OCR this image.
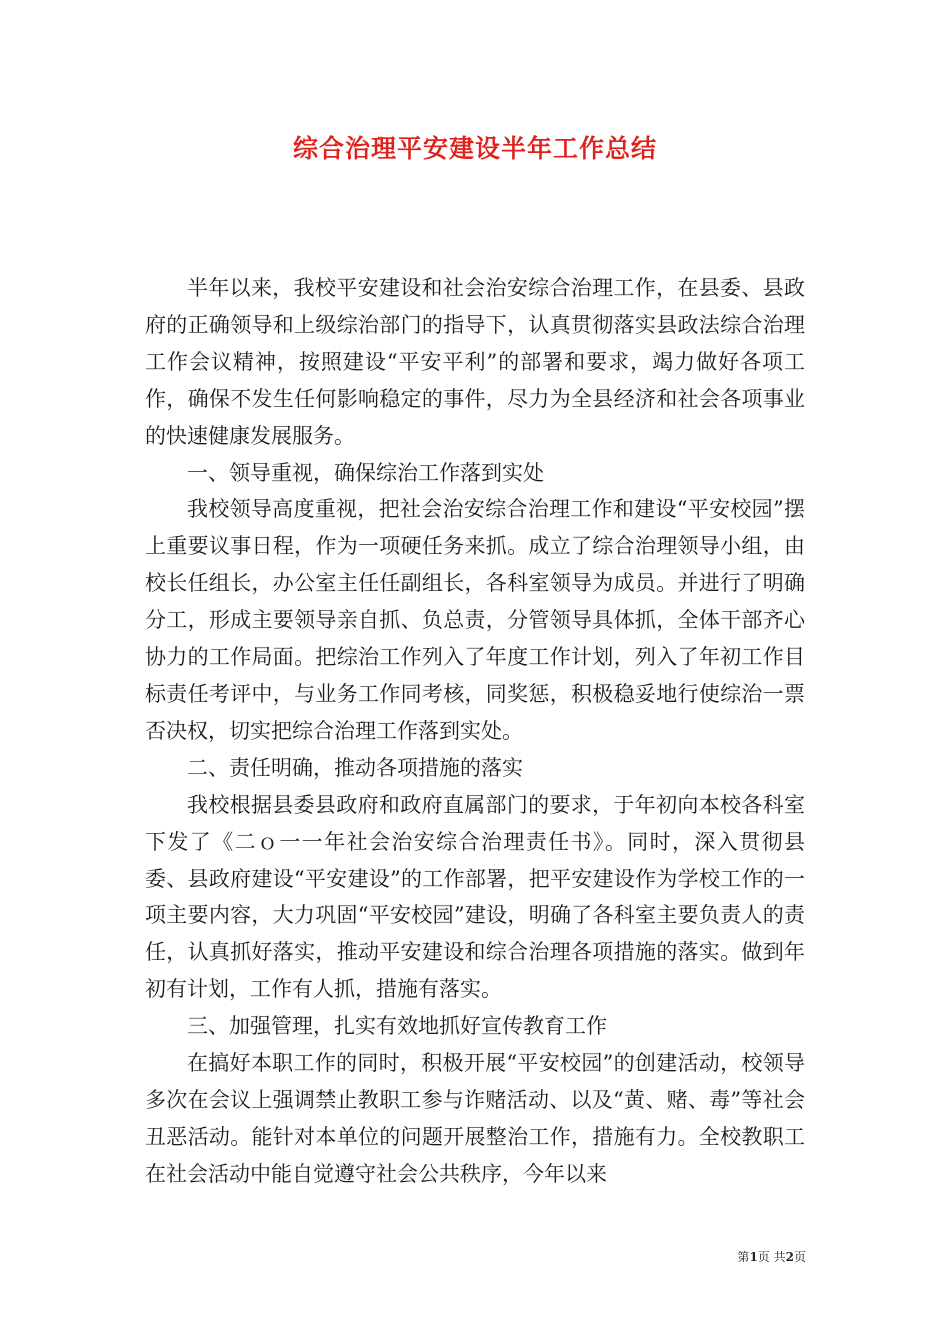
综合治理平安建设半年工作总结

半年以来，我校平安建设和社会治安综合治理工作，在县委、县政府的正确领导和上级综治部门的指导下，认真贯彻落实县政法综合治理工作会议精神，按照建设“平安平利”的部署和要求，竭力做好各项工作，确保不发生任何影响稳定的事件，尽力为全县经济和社会各项事业的快速健康发展服务。

一、领导重视，确保综治工作落到实处

我校领导高度重视，把社会治安综合治理工作和建设“平安校园”摆上重要议事日程，作为一项硬任务来抓。成立了综合治理领导小组，由校长任组长，办公室主任任副组长，各科室领导为成员。并进行了明确分工，形成主要领导亲自抓、负总责，分管领导具体抓，全体干部齐心协力的工作局面。把综治工作列入了年度工作计划，列入了年初工作目标责任考评中，与业务工作同考核，同奖惩，积极稳妥地行使综治一票否决权，切实把综合治理工作落到实处。

二、责任明确，推动各项措施的落实

我校根据县委县政府和政府直属部门的要求，于年初向本校各科室下发了《二ｏ一一年社会治安综合治理责任书》。同时，深入贯彻县委、县政府建设“平安建设”的工作部署，把平安建设作为学校工作的一项主要内容，大力巩固“平安校园”建设，明确了各科室主要负责人的责任，认真抓好落实，推动平安建设和综合治理各项措施的落实。做到年初有计划，工作有人抓，措施有落实。

三、加强管理，扎实有效地抓好宣传教育工作

在搞好本职工作的同时，积极开展“平安校园”的创建活动，校领导多次在会议上强调禁止教职工参与诈赌活动、以及“黄、赌、毒”等社会丑恶活动。能针对本单位的问题开展整治工作，措施有力。全校教职工在社会活动中能自觉遵守社会公共秩序，今年以来

第1页 共2页
